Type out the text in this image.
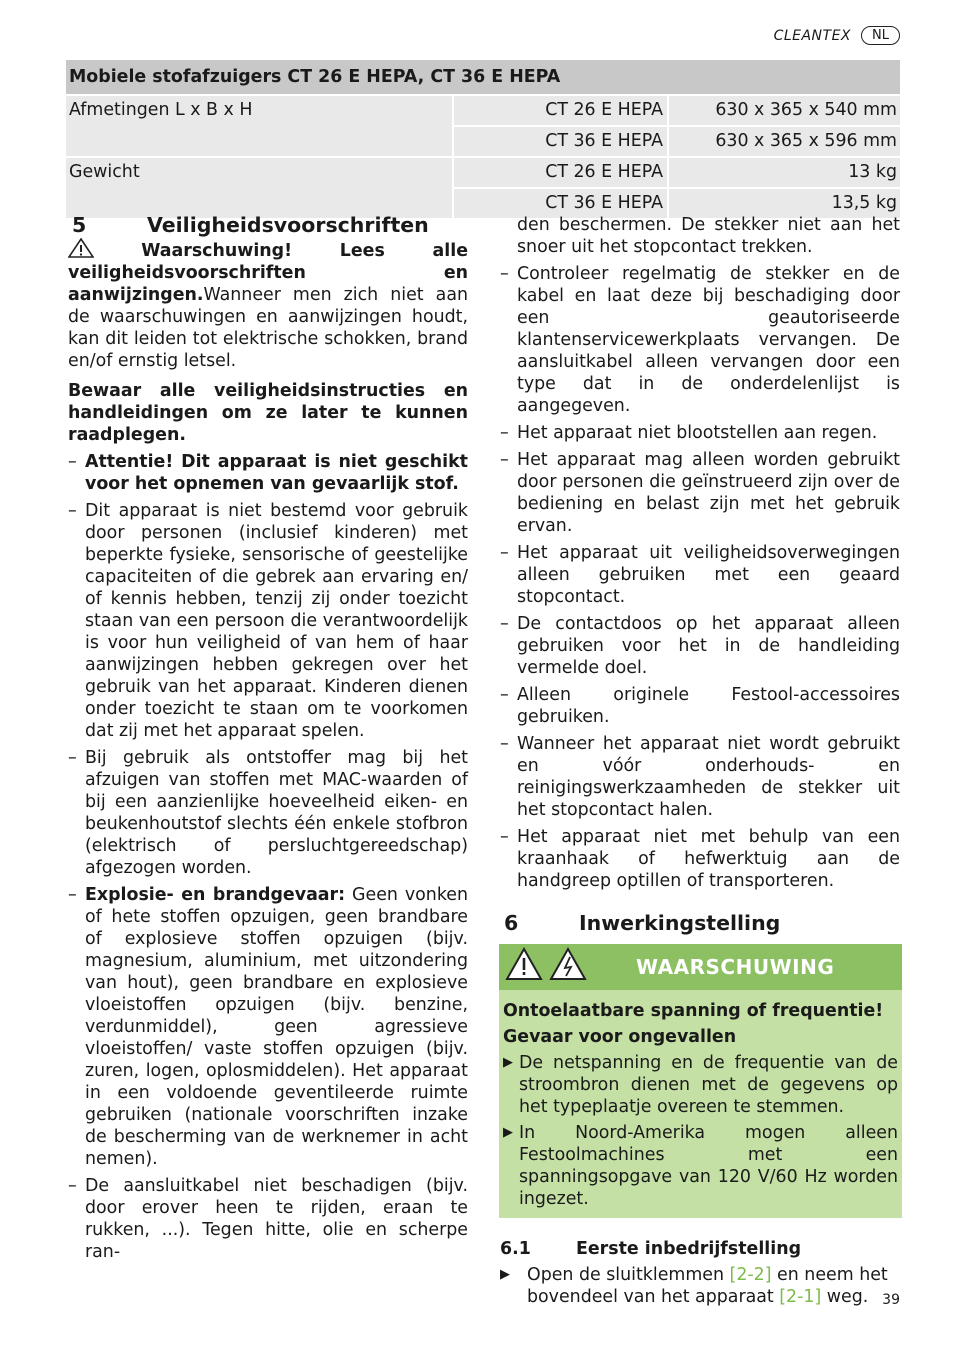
CLEANTEX	NL
Mobiele stofafzuigers CT 26 E HEPA, CT 36 E HEPA		
Afmetingen L x B x H	CT 26 E HEPA	630 x 365 x 540 mm
	CT 36 E HEPA	630 x 365 x 596 mm
Gewicht	CT 26 E HEPA	13 kg
	CT 36 E HEPA	13,5 kg
5	Veiligheidsvoorschriften

Waarschuwing! Lees alle veiligheidsvoorschriften en aanwijzingen.Wanneer men zich niet aan de waarschuwingen en aanwijzingen houdt, kan dit leiden tot elektrische schokken, brand en/of ernstig letsel.

Bewaar alle veiligheidsinstructies en handleidingen om ze later te kunnen raadplegen.

– Attentie! Dit apparaat is niet geschikt voor het opnemen van gevaarlijk stof.
– Dit apparaat is niet bestemd voor gebruik door personen (inclusief kinderen) met beperkte fysieke, sensorische of geestelijke capaciteiten of die gebrek aan ervaring en/ of kennis hebben, tenzij zij onder toezicht staan van een persoon die verantwoordelijk is voor hun veiligheid of van hem of haar aanwijzingen hebben gekregen over het gebruik van het apparaat. Kinderen dienen onder toezicht te staan om te voorkomen dat zij met het apparaat spelen.
– Bij gebruik als ontstoffer mag bij het afzuigen van stoffen met MAC-waarden of bij een aanzienlijke hoeveelheid eiken- en beukenhoutstof slechts één enkele stofbron (elektrisch of persluchtgereedschap) afgezogen worden.
– Explosie- en brandgevaar: Geen vonken of hete stoffen opzuigen, geen brandbare of explosieve stoffen opzuigen (bijv. magnesium, aluminium, met uitzondering van hout), geen brandbare en explosieve vloeistoffen opzuigen (bijv. benzine, verdunmiddel), geen agressieve vloeistoffen/ vaste stoffen opzuigen (bijv. zuren, logen, oplosmiddelen). Het apparaat in een voldoende geventileerde ruimte gebruiken (nationale voorschriften inzake de bescherming van de werknemer in acht nemen).
– De aansluitkabel niet beschadigen (bijv. door erover heen te rijden, eraan te rukken, ...). Tegen hitte, olie en scherpe ran-
den beschermen. De stekker niet aan het snoer uit het stopcontact trekken.
– Controleer regelmatig de stekker en de kabel en laat deze bij beschadiging door een geautoriseerde klantenservicewerkplaats vervangen. De aansluitkabel alleen vervangen door een type dat in de onderdelenlijst is aangegeven.
– Het apparaat niet blootstellen aan regen.
– Het apparaat mag alleen worden gebruikt door personen die geïnstrueerd zijn over de bediening en belast zijn met het gebruik ervan.
– Het apparaat uit veiligheidsoverwegingen alleen gebruiken met een geaard stopcontact.
– De contactdoos op het apparaat alleen gebruiken voor het in de handleiding vermelde doel.
– Alleen originele Festool-accessoires gebruiken.
– Wanneer het apparaat niet wordt gebruikt en vóór onderhouds- en reinigingswerkzaamheden de stekker uit het stopcontact halen.
– Het apparaat niet met behulp van een kraanhaak of hefwerktuig aan de handgreep optillen of transporteren.
6	Inwerkingstelling
WAARSCHUWING
Ontoelaatbare spanning of frequentie!
Gevaar voor ongevallen
▶ De netspanning en de frequentie van de stroombron dienen met de gegevens op het typeplaatje overeen te stemmen.
▶ In Noord-Amerika mogen alleen Festoolmachines met een spanningsopgave van 120 V/60 Hz worden ingezet.
6.1	Eerste inbedrijfstelling
▶ Open de sluitklemmen [2-2] en neem het bovendeel van het apparaat [2-1] weg. 39
